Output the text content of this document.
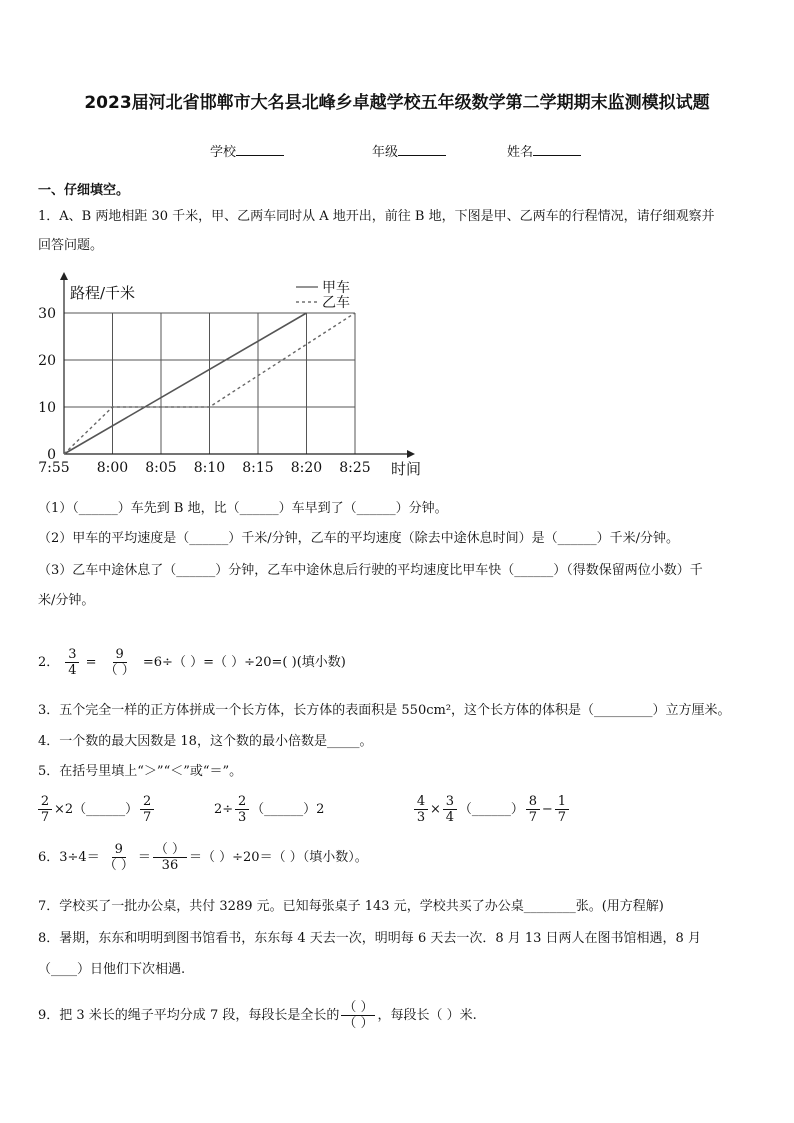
2023届河北省邯郸市大名县北峰乡卓越学校五年级数学第二学期期末监测模拟试题
学校	年级	姓名
一、仔细填空。
1．A、B 两地相距 30 千米，甲、乙两车同时从 A 地开出，前往 B 地，下图是甲、乙两车的行程情况，请仔细观察并
回答问题。
7:55 8:00 8:05 8:10 8:15 8:20 8:25
0
10
20
30
路程/千米
时间
甲车
乙车
（1）（______）车先到 B 地，比（______）车早到了（______）分钟。
（2）甲车的平均速度是（______）千米/分钟，乙车的平均速度（除去中途休息时间）是（______）千米/分钟。
（3）乙车中途休息了（______）分钟，乙车中途休息后行驶的平均速度比甲车快（______）（得数保留两位小数）千
米/分钟。
2． $\frac{3}{4} = \frac{9}{( )} =6\div$（ ）=（ ）÷20=( )(填小数)
3．五个完全一样的正方体拼成一个长方体，长方体的表面积是 550cm²，这个长方体的体积是（_________）立方厘米。
4．一个数的最大因数是 18，这个数的最小倍数是_____。
5．在括号里填上“＞”“＜”或“＝”。
$\frac{2}{7}$ ×2（______） $\frac{2}{7}$	$2\div \frac{2}{3}$ （______）2	$\frac{4}{3} \times \frac{3}{4}$ （______） $\frac{8}{7} - \frac{1}{7}$
6．$3\div 4= \frac{9}{( )} = \frac{( )}{36}$ ＝（ ）÷20＝（ ）（填小数）。
7．学校买了一批办公桌，共付 3289 元。已知每张桌子 143 元，学校共买了办公桌________张。(用方程解)
8．暑期，东东和明明到图书馆看书，东东每 4 天去一次，明明每 6 天去一次．8 月 13 日两人在图书馆相遇，8 月
（____）日他们下次相遇.
9．把 3 米长的绳子平均分成 7 段，每段长是全长的 $\frac{( )}{( )}$ ，每段长（ ）米.
